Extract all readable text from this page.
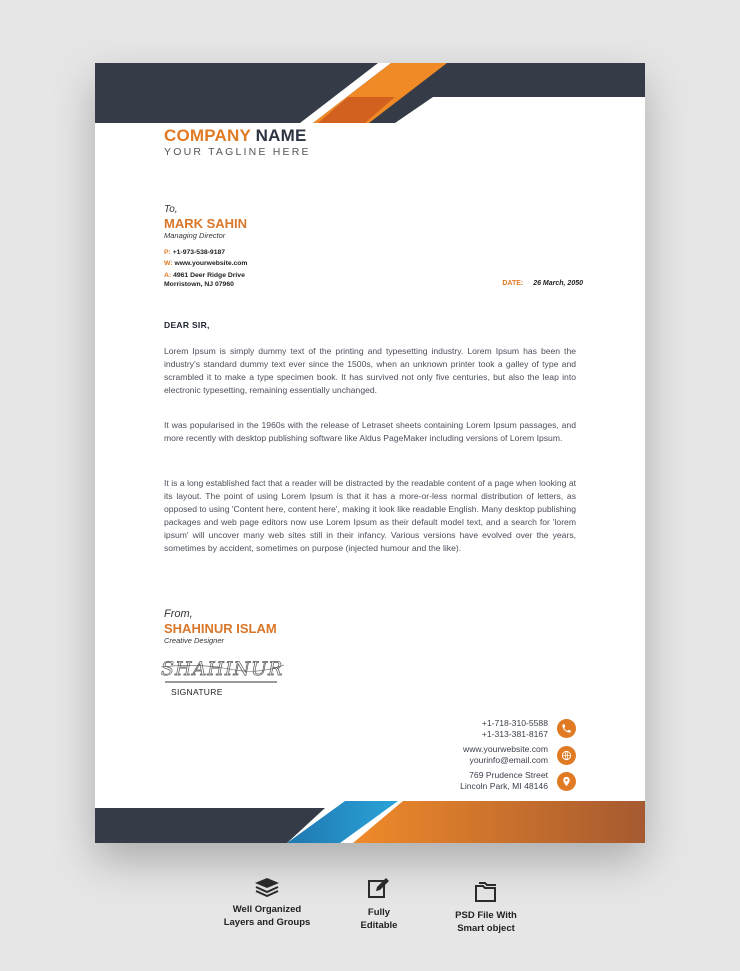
COMPANY NAME
YOUR TAGLINE HERE
To,
MARK SAHIN
Managing Director
P: +1-973-538-9187
W: www.yourwebsite.com
A: 4961 Deer Ridge Drive
Morristown, NJ 07960	DATE: 26 March, 2050
DEAR SIR,

Lorem Ipsum is simply dummy text of the printing and typesetting industry. Lorem Ipsum has been the industry's standard dummy text ever since the 1500s, when an unknown printer took a galley of type and scrambled it to make a type specimen book. It has survived not only five centuries, but also the leap into electronic typesetting, remaining essentially unchanged.

It was popularised in the 1960s with the release of Letraset sheets containing Lorem Ipsum passages, and more recently with desktop publishing software like Aldus PageMaker including versions of Lorem Ipsum.

It is a long established fact that a reader will be distracted by the readable content of a page when looking at its layout. The point of using Lorem Ipsum is that it has a more-or-less normal distribution of letters, as opposed to using 'Content here, content here', making it look like readable English. Many desktop publishing packages and web page editors now use Lorem Ipsum as their default model text, and a search for 'lorem ipsum' will uncover many web sites still in their infancy. Various versions have evolved over the years, sometimes by accident, sometimes on purpose (injected humour and the like).

From,
SHAHINUR ISLAM
Creative Designer
SHAHINUR
SIGNATURE
+1-718-310-5588
+1-313-381-8167
www.yourwebsite.com
yourinfo@email.com
769 Prudence Street
Lincoln Park, MI 48146
Well Organized
Layers and Groups
Fully
Editable
PSD File With
Smart object
